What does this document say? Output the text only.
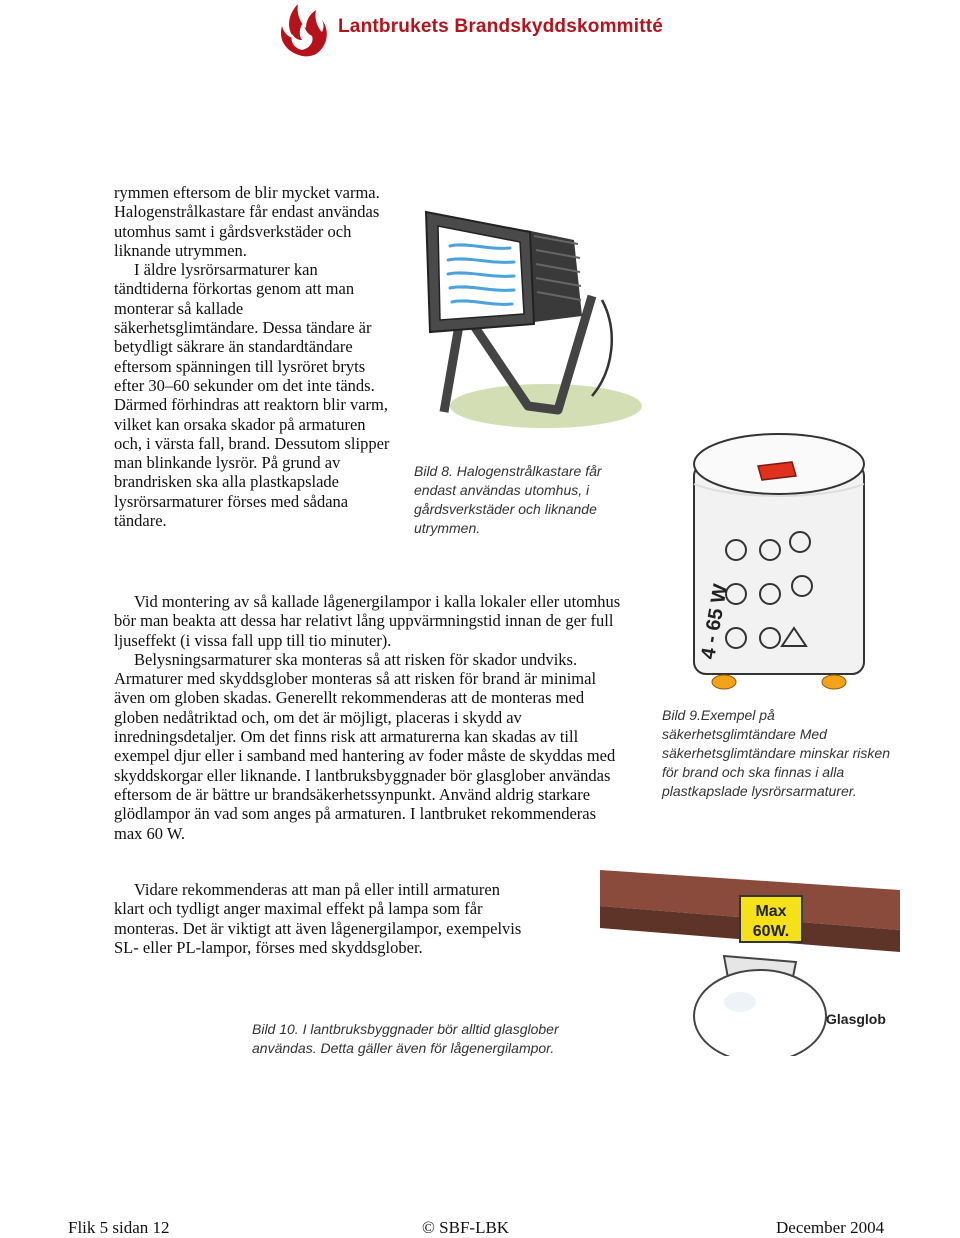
Lantbrukets Brandskyddskommitté

rymmen eftersom de blir mycket varma. Halogenstrålkastare får endast användas utomhus samt i gårdsverkstäder och liknande utrymmen.

I äldre lysrörsarmaturer kan tändtiderna förkortas genom att man monterar så kallade säkerhetsglimtändare. Dessa tändare är betydligt säkrare än standardtändare eftersom spänningen till lysröret bryts efter 30–60 sekunder om det inte tänds. Därmed förhindras att reaktorn blir varm, vilket kan orsaka skador på armaturen och, i värsta fall, brand. Dessutom slipper man blinkande lysrör. På grund av brandrisken ska alla plastkapslade lysrörsarmaturer förses med sådana tändare.

Bild 8. Halogenstrålkastare får endast användas utomhus, i gårdsverkstäder och liknande utrymmen.
4 - 65 W
Bild 9.Exempel på säkerhetsglimtändare Med säkerhetsglimtändare minskar risken för brand och ska finnas i alla plastkapslade lysrörsarmaturer.

Vid montering av så kallade lågenergilampor i kalla lokaler eller utomhus bör man beakta att dessa har relativt lång uppvärmningstid innan de ger full ljuseffekt (i vissa fall upp till tio minuter).

Belysningsarmaturer ska monteras så att risken för skador undviks. Armaturer med skyddsglober monteras så att risken för brand är minimal även om globen skadas. Generellt rekommenderas att de monteras med globen nedåtriktad och, om det är möjligt, placeras i skydd av inredningsdetaljer. Om det finns risk att armaturerna kan skadas av till exempel djur eller i samband med hantering av foder måste de skyddas med skyddskorgar eller liknande. I lantbruksbyggnader bör glasglober användas eftersom de är bättre ur brandsäkerhetssynpunkt. Använd aldrig starkare glödlampor än vad som anges på armaturen. I lantbruket rekommenderas max 60 W.

Vidare rekommenderas att man på eller intill armaturen klart och tydligt anger maximal effekt på lampa som får monteras. Det är viktigt att även lågenergilampor, exempelvis SL- eller PL-lampor, förses med skyddsglober.

Max
60W.
Glasglob
Bild 10. I lantbruksbyggnader bör alltid glasglober användas. Detta gäller även för lågenergilampor.
Flik 5 sidan 12	© SBF-LBK	December 2004
